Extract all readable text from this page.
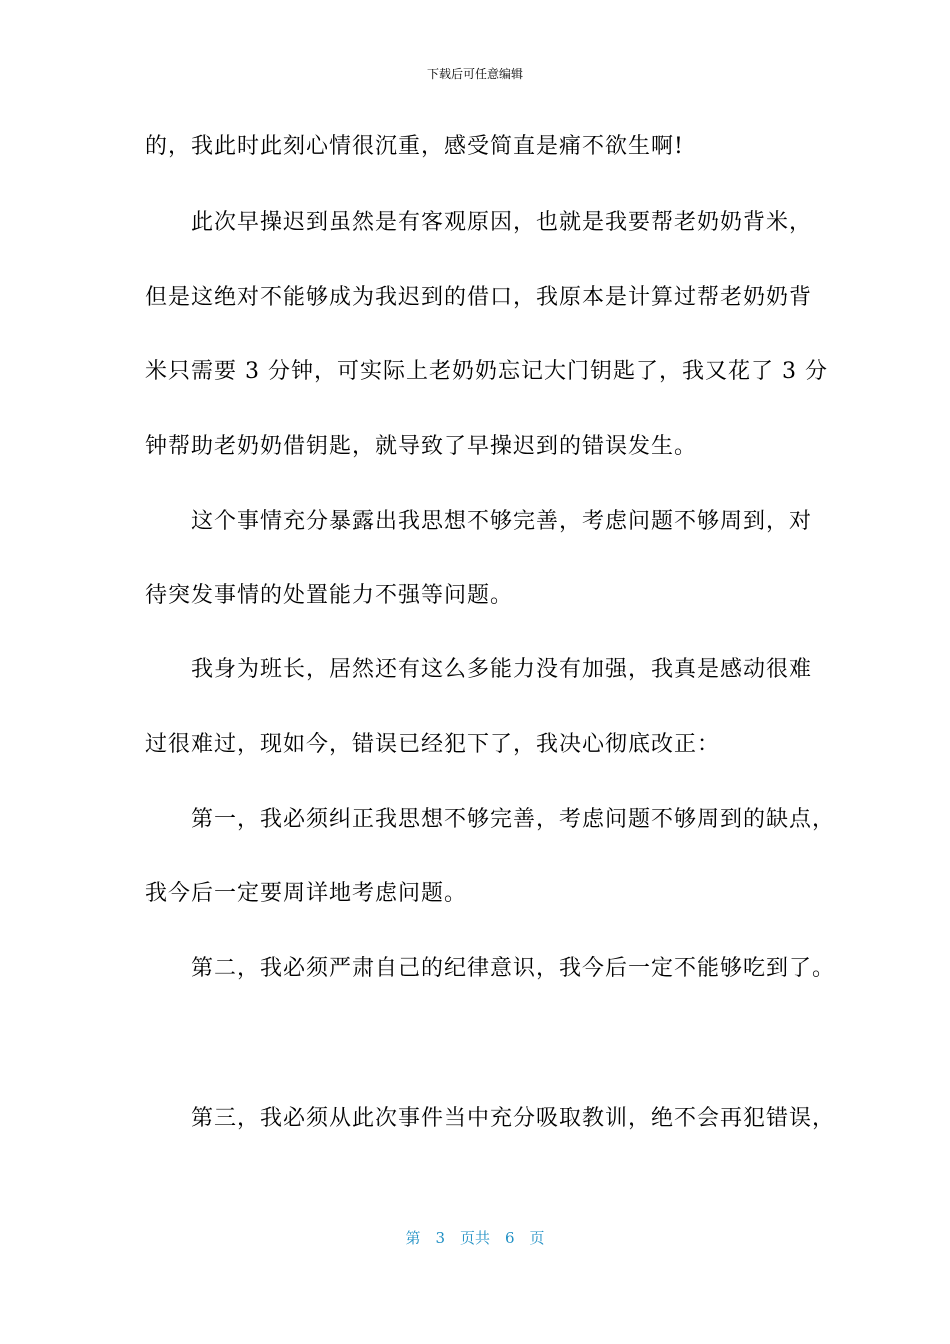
下载后可任意编辑
的，我此时此刻心情很沉重，感受简直是痛不欲生啊!
　　此次早操迟到虽然是有客观原因，也就是我要帮老奶奶背米，
但是这绝对不能够成为我迟到的借口，我原本是计算过帮老奶奶背
米只需要 3 分钟，可实际上老奶奶忘记大门钥匙了，我又花了 3 分
钟帮助老奶奶借钥匙，就导致了早操迟到的错误发生。
　　这个事情充分暴露出我思想不够完善，考虑问题不够周到，对
待突发事情的处置能力不强等问题。
　　我身为班长，居然还有这么多能力没有加强，我真是感动很难
过很难过，现如今，错误已经犯下了，我决心彻底改正：
　　第一，我必须纠正我思想不够完善，考虑问题不够周到的缺点，
我今后一定要周详地考虑问题。
　　第二，我必须严肃自己的纪律意识，我今后一定不能够吃到了。
　　第三，我必须从此次事件当中充分吸取教训，绝不会再犯错误，
第　3　页共　6　页
